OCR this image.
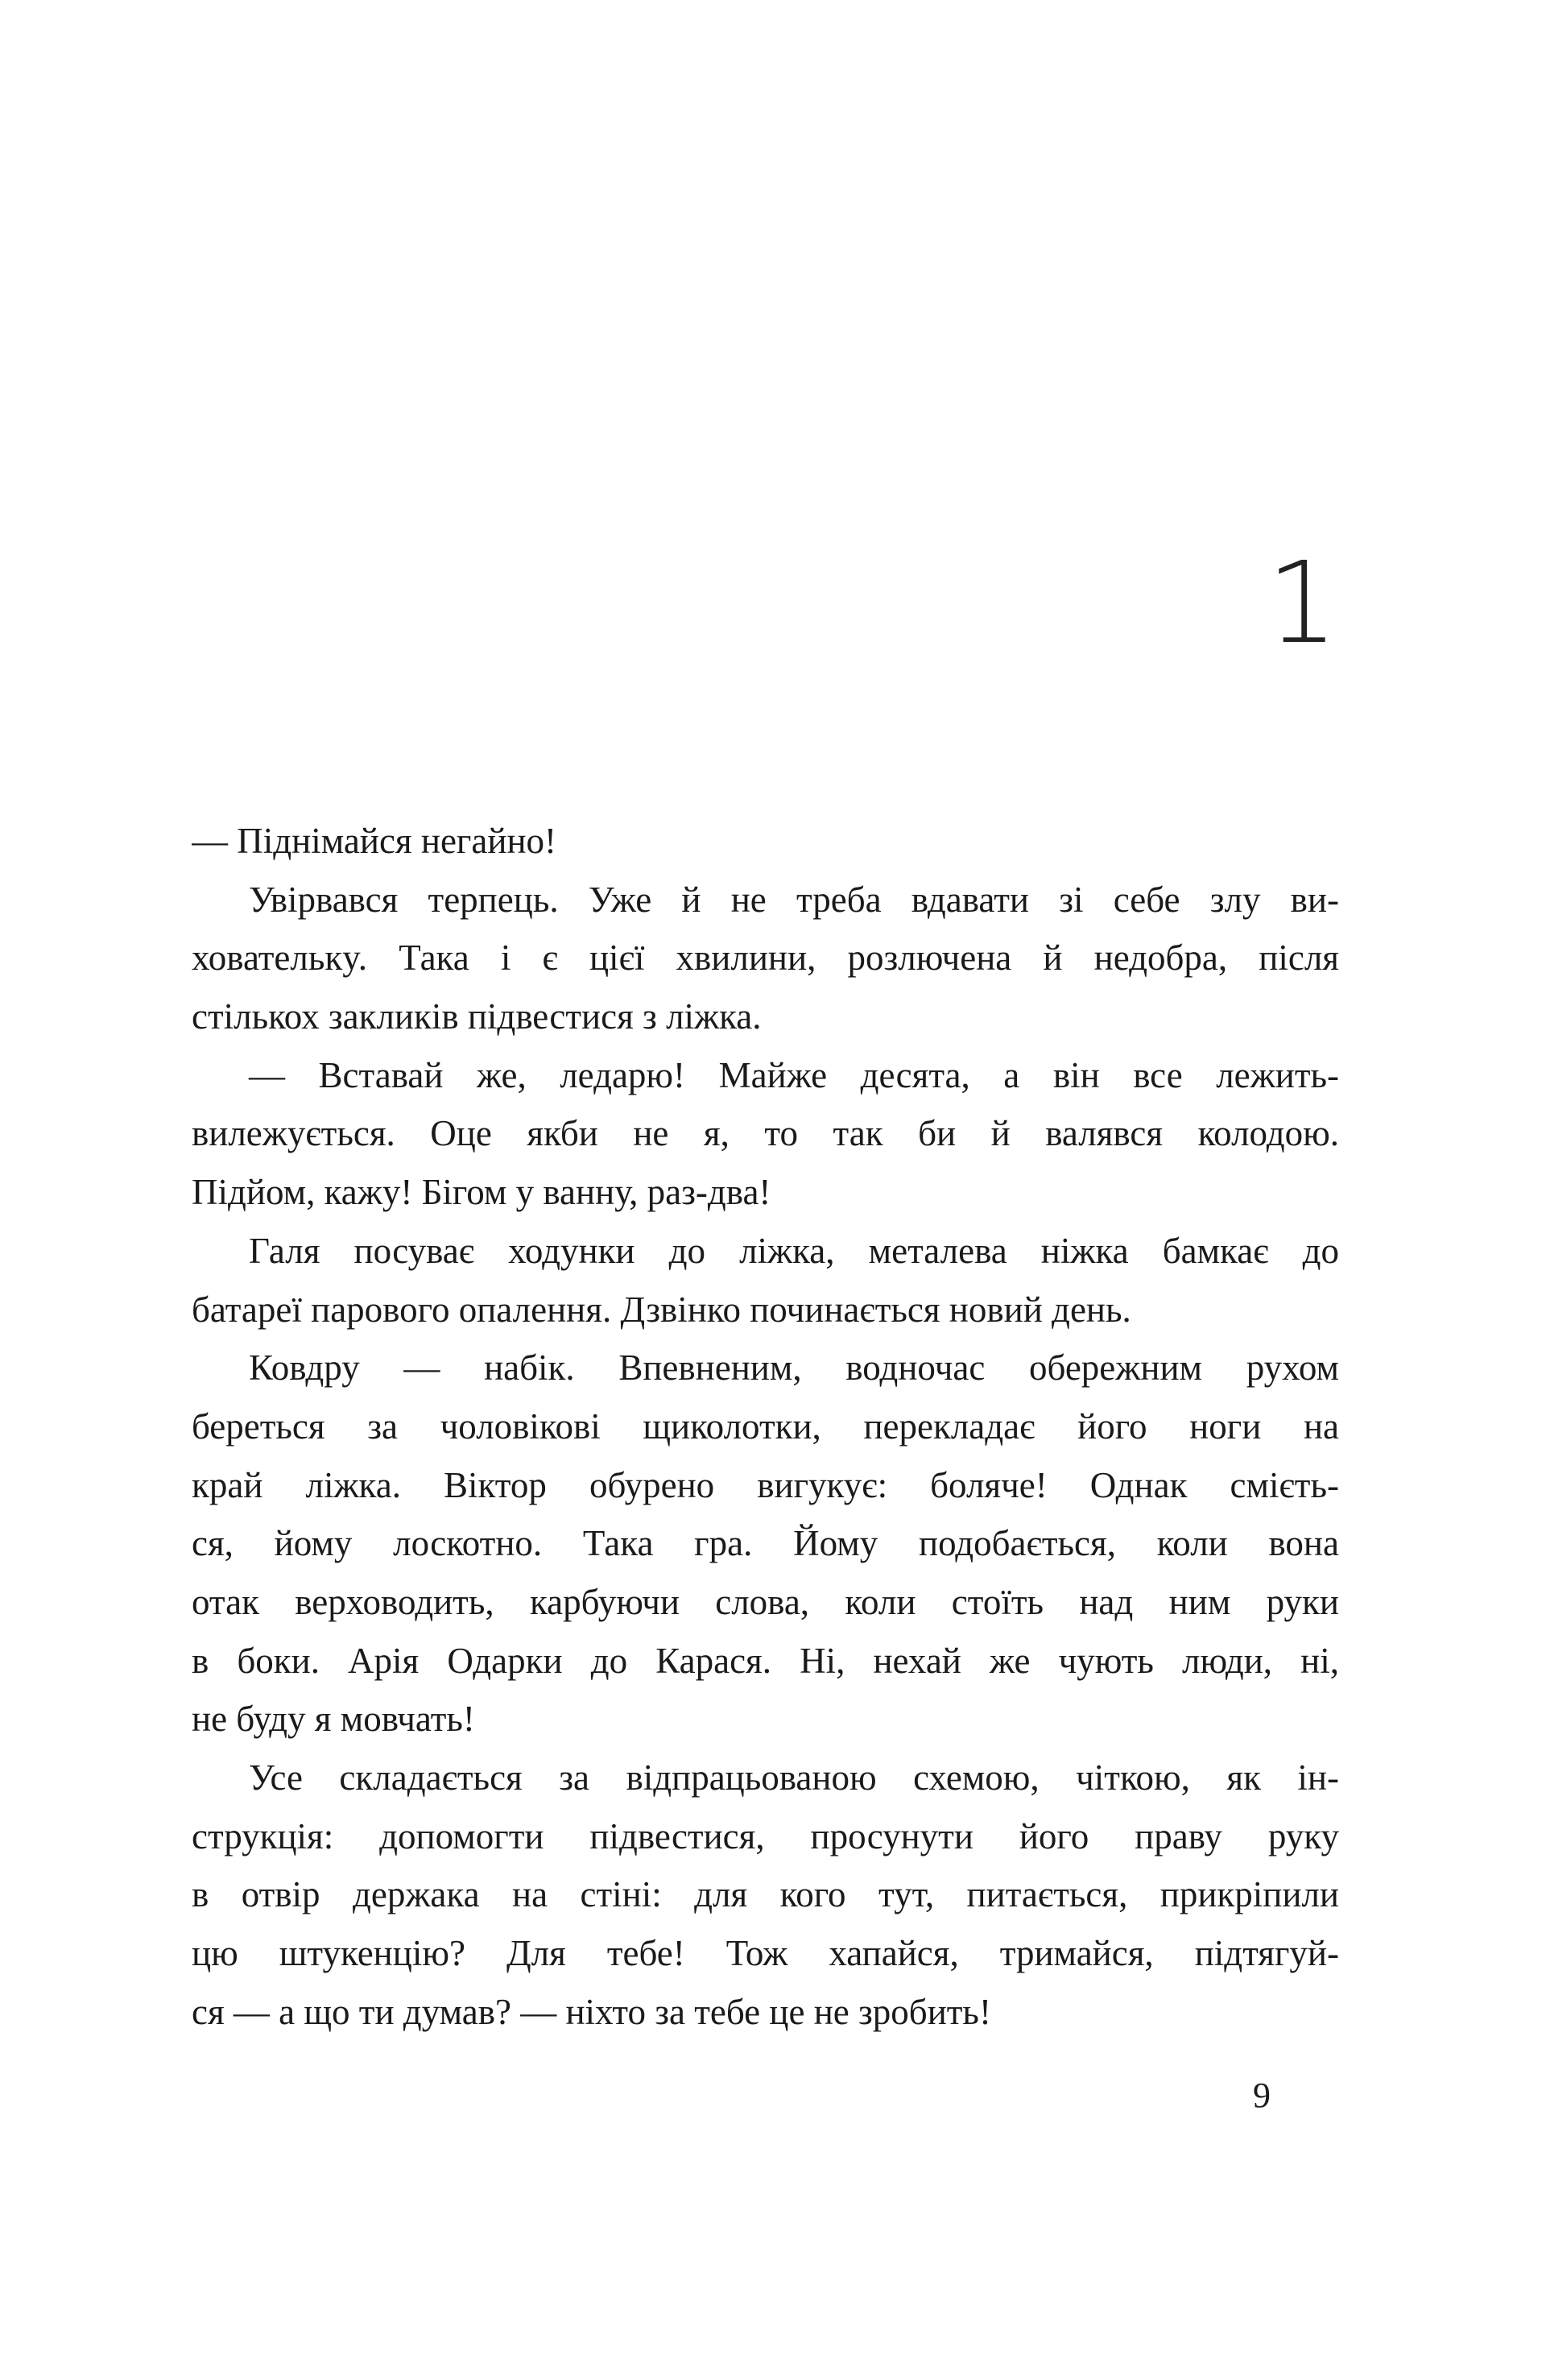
1
— Піднімайся негайно!
Увірвався терпець. Уже й не треба вдавати зі себе злу ви-
хователькy. Така і є цієї хвилини, розлючена й недобра, після
стількох закликів підвестися з ліжка.
— Вставай же, ледарю! Майже десята, а він все лежить-
вилежується. Оце якби не я, то так би й валявся колодою.
Підйом, кажу! Бігом у ванну, раз-два!
Галя посуває ходунки до ліжка, металева ніжка бамкає до
батареї парового опалення. Дзвінко починається новий день.
Ковдру — набік. Впевненим, водночас обережним рухом
береться за чоловікові щиколотки, перекладає його ноги на
край ліжка. Віктор обурено вигукує: боляче! Однак смієть-
ся, йому лоскотно. Така гра. Йому подобається, коли вона
отак верховодить, карбуючи слова, коли стоїть над ним руки
в боки. Арія Одарки до Карася. Ні, нехай же чують люди, ні,
не буду я мовчать!
Усе складається за відпрацьованою схемою, чіткою, як ін-
струкція: допомогти підвестися, просунути його праву руку
в отвір держака на стіні: для кого тут, питається, прикріпили
цю штукенцію? Для тебе! Тож хапайся, тримайся, підтягуй-
ся — а що ти думав? — ніхто за тебе це не зробить!
9
